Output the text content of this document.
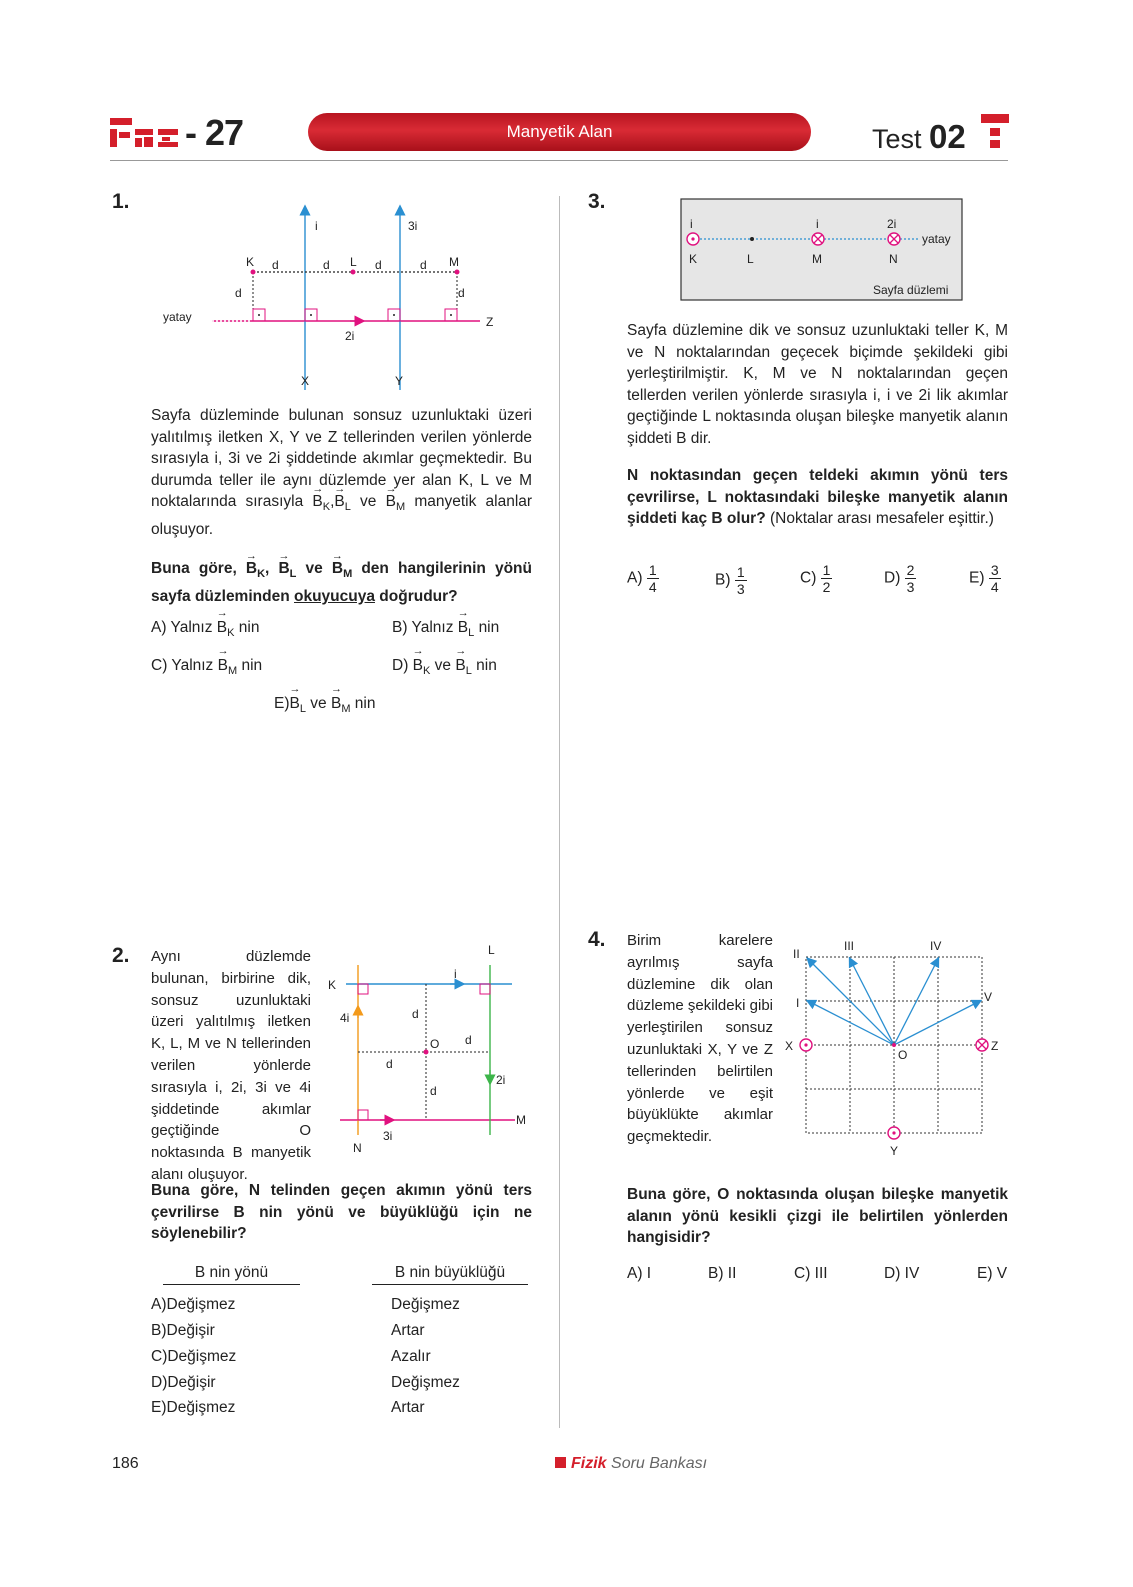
- 27	Manyetik Alan	Test 02
1.
i	3i
K	L	M
d	d	d	d
d	d
yatay
2i
Z
X	Y
Sayfa düzleminde bulunan sonsuz uzunluktaki üzeri yalıtılmış iletken X, Y ve Z tellerinden verilen yönlerde sırasıyla i, 3i ve 2i şiddetinde akımlar geçmektedir. Bu durumda teller ile aynı düzlemde yer alan K, L ve M noktalarında sırasıyla → $B_K,\to B_L$ ve → $B_M$ manyetik alanlar oluşuyor.
Buna göre, → $B_K$, → $B_L$ ve → $B_M$ den hangilerinin yönü sayfa düzleminden okuyucuya doğrudur?
A) Yalnız → $B_K$ nin	B) Yalnız → $B_L$ nin
C) Yalnız → $B_M$ nin	$D) \to B_K$ ve → $B_L$ nin
$E)\to B_L$ ve → $B_M$ nin
2. Aynı düzlemde bulunan, birbirine dik, sonsuz uzunluktaki üzeri yalıtılmış iletken K, L, M ve N tellerinden verilen yönlerde sırasıyla i, 2i, 3i ve 4i şiddetinde akımlar geçtiğinde O noktasında B manyetik alanı oluşuyor.
K
L
M
N
O
i
2i
3i
4i	d
d
d
d
Buna göre, N telinden geçen akımın yönü ters çevrilirse B nin yönü ve büyüklüğü için ne söylenebilir?
B nin yönü	B nin büyüklüğü
A)Değişmez	Değişmez
B)Değişir	Artar
C)Değişmez	Azalır
D)Değişir	Değişmez
E)Değişmez	Artar
3.
i	i	2i
yatay
K	L	M	N
Sayfa düzlemi
Sayfa düzlemine dik ve sonsuz uzunluktaki teller K, M ve N noktalarından geçecek biçimde şekildeki gibi yerleştirilmiştir. K, M ve N noktalarından geçen tellerden verilen yönlerde sırasıyla i, i ve 2i lik akımlar geçtiğinde L noktasında oluşan bileşke manyetik alanın şiddeti B dir.
N noktasından geçen teldeki akımın yönü ters çevrilirse, L noktasındaki bileşke manyetik alanın şiddeti kaç B olur? (Noktalar arası mesafeler eşittir.)
$A) \frac{1}{4}$	$B) \frac{1}{3}$	$C) \frac{1}{2}$	$D) \frac{2}{3}$	$E) \frac{3}{4}$
4. Birim karelere ayrılmış sayfa düzlemine dik olan düzleme şekildeki gibi yerleştirilen sonsuz uzunluktaki X, Y ve Z tellerinden belirtilen yönlerde ve eşit büyüklükte akımlar geçmektedir.
II
I
III	IV
V
X	Z
O
Y
Buna göre, O noktasında oluşan bileşke manyetik alanın yönü kesikli çizgi ile belirtilen yönlerden hangisidir?
A) I	B) II	C) III	D) IV	E) V
186	Fizik Soru Bankası
